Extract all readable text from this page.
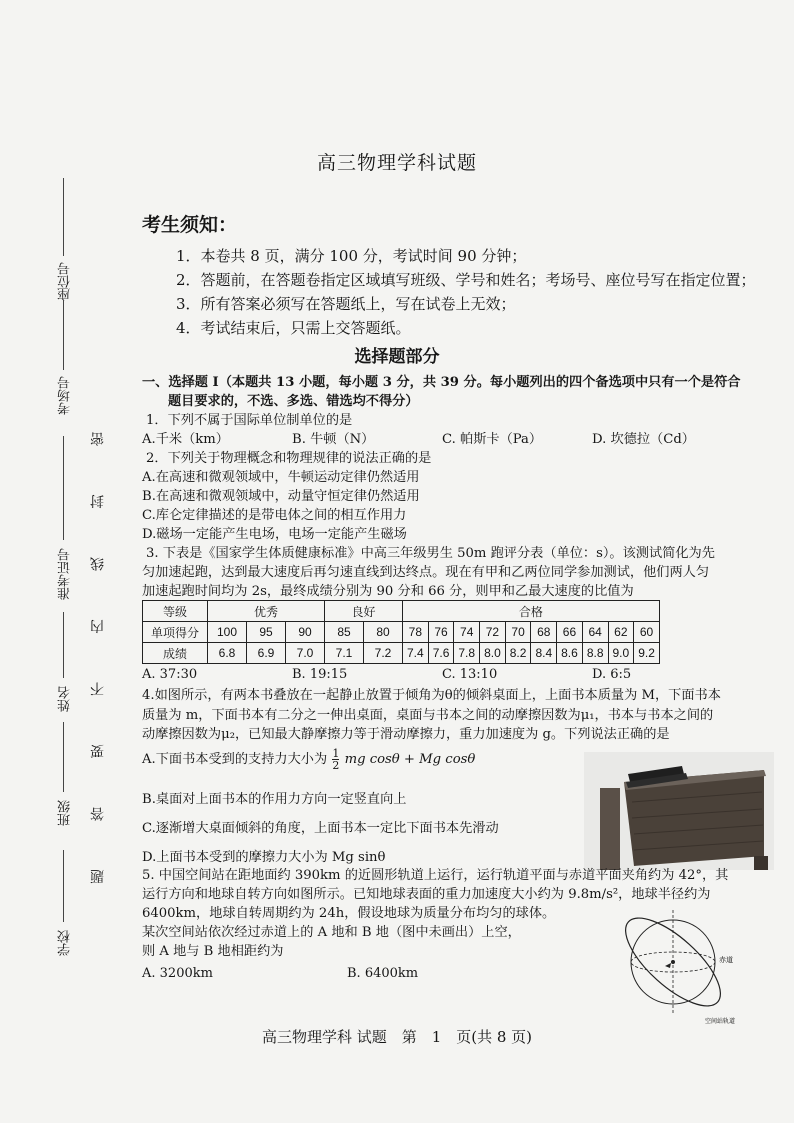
座位号
考场号
准考证号
姓名
班级
学校
题 答 要 不 内 线 封 密
高三物理学科试题
考生须知：
1．本卷共 8 页，满分 100 分，考试时间 90 分钟；
2．答题前，在答题卷指定区域填写班级、学号和姓名；考场号、座位号写在指定位置；
3．所有答案必须写在答题纸上，写在试卷上无效；
4．考试结束后，只需上交答题纸。
选择题部分

一、选择题 I（本题共 13 小题，每小题 3 分，共 39 分。每小题列出的四个备选项中只有一个是符合

题目要求的，不选、多选、错选均不得分）

1．下列不属于国际单位制单位的是

A.千米（km）	B. 牛顿（N）	C. 帕斯卡（Pa）	D. 坎德拉（Cd）

2．下列关于物理概念和物理规律的说法正确的是

A.在高速和微观领域中，牛顿运动定律仍然适用

B.在高速和微观领域中，动量守恒定律仍然适用

C.库仑定律描述的是带电体之间的相互作用力

D.磁场一定能产生电场，电场一定能产生磁场

3. 下表是《国家学生体质健康标准》中高三年级男生 50m 跑评分表（单位：s）。该测试简化为先

匀加速起跑，达到最大速度后再匀速直线到达终点。现在有甲和乙两位同学参加测试，他们两人匀

加速起跑时间均为 2s，最终成绩分别为 90 分和 66 分，则甲和乙最大速度的比值为

等级	优秀			良好		合格									
单项得分	100	95	90	85	80	78	76	74	72	70	68	66	64	62	60
成绩	6.8	6.9	7.0	7.1	7.2	7.4	7.6	7.8	8.0	8.2	8.4	8.6	8.8	9.0	9.2
A. 37:30	B. 19:15	C. 13:10	D. 6:5

4.如图所示，有两本书叠放在一起静止放置于倾角为θ的倾斜桌面上，上面书本质量为 M，下面书本

质量为 m，下面书本有二分之一伸出桌面，桌面与书本之间的动摩擦因数为μ₁，书本与书本之间的

动摩擦因数为μ₂，已知最大静摩擦力等于滑动摩擦力，重力加速度为 g。下列说法正确的是

A.下面书本受到的支持力大小为 $\frac{1}{2}$ mg cosθ + Mg cosθ
B.桌面对上面书本的作用力方向一定竖直向上
C.逐渐增大桌面倾斜的角度，上面书本一定比下面书本先滑动
D.上面书本受到的摩擦力大小为 Mg sinθ

5. 中国空间站在距地面约 390km 的近圆形轨道上运行，运行轨道平面与赤道平面夹角约为 42°，其

运行方向和地球自转方向如图所示。已知地球表面的重力加速度大小约为 9.8m/s²，地球半径约为

6400km，地球自转周期约为 24h，假设地球为质量分布均匀的球体。

某次空间站依次经过赤道上的 A 地和 B 地（图中未画出）上空，

则 A 地与 B 地相距约为

A. 3200km	B. 6400km
赤道
空间站轨道
高三物理学科 试题　第　1　页(共 8 页)
